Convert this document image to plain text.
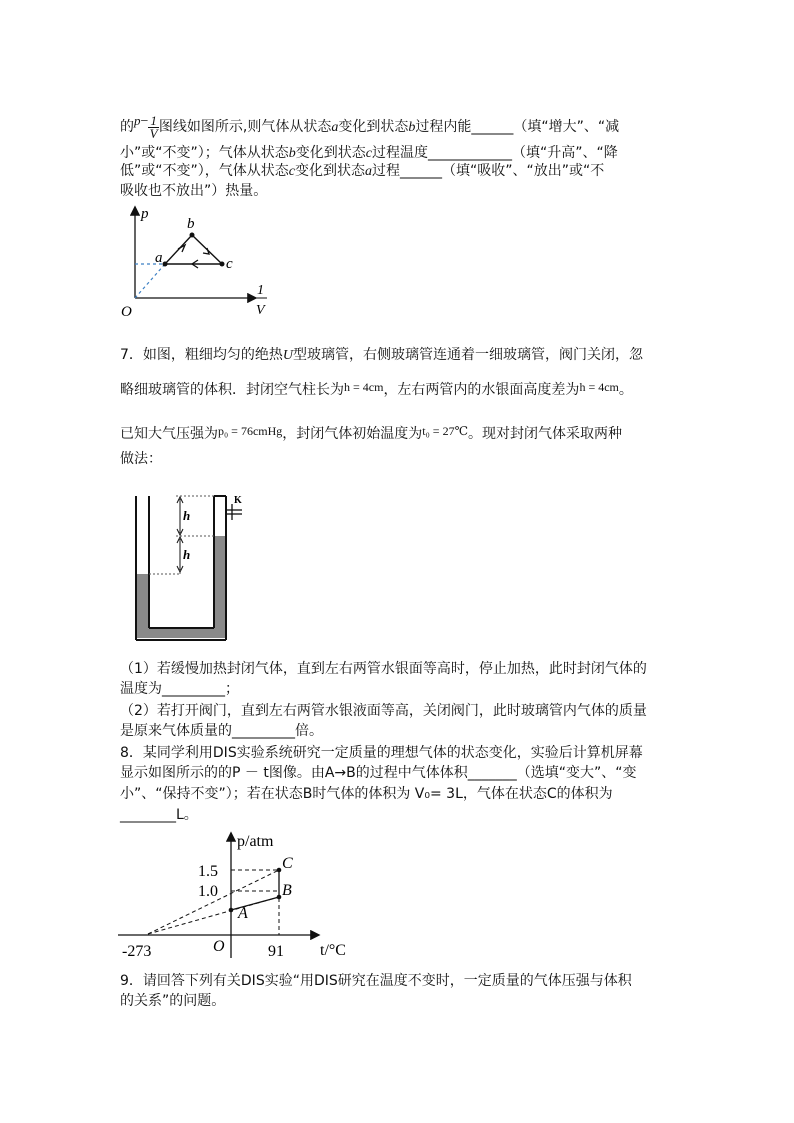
的$p- \frac{1}{V}$ 图线如图所示,则气体从状态a变化到状态b过程内能______（填“增大”、“减
小”或“不变”）；气体从状态b变化到状态c过程温度____________（填“升高”、“降
低”或“不变”），气体从状态c变化到状态a过程______（填“吸收”、“放出”或“不
吸收也不放出”）热量。
p
O
1
V
a
b
c
7．如图，粗细均匀的绝热U型玻璃管，右侧玻璃管连通着一细玻璃管，阀门关闭，忽
略细玻璃管的体积．封闭空气柱长为h = 4cm，左右两管内的水银面高度差为h = 4cm。
已知大气压强为p₀ = 76cmHg，封闭气体初始温度为t₀ = 27℃。现对封闭气体采取两种
做法：
K
h
h
（1）若缓慢加热封闭气体，直到左右两管水银面等高时，停止加热，此时封闭气体的
温度为_________；
（2）若打开阀门，直到左右两管水银液面等高，关闭阀门，此时玻璃管内气体的质量
是原来气体质量的_________倍。
8．某同学利用DIS实验系统研究一定质量的理想气体的状态变化，实验后计算机屏幕
显示如图所示的的P － t图像。由A→B的过程中气体体积_______（选填“变大”、“变
小”、“保持不变”）；若在状态B时气体的体积为 V₀= 3L，气体在状态C的体积为
________L。
p/atm
t/°C
O
1.5
1.0
-273	91
C
B
A
9．请回答下列有关DIS实验“用DIS研究在温度不变时，一定质量的气体压强与体积
的关系”的问题。
